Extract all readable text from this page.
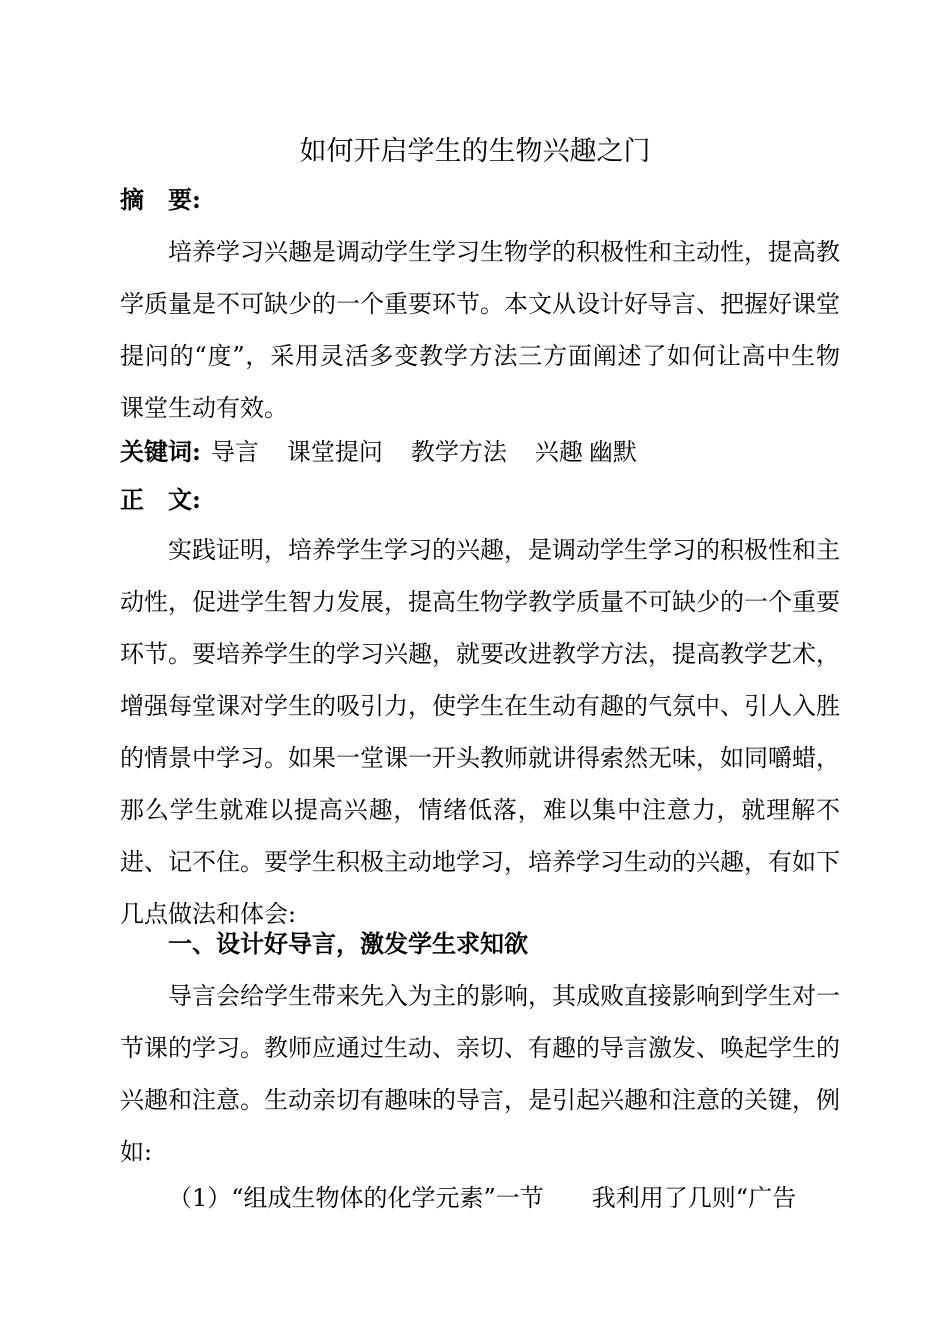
如何开启学生的生物兴趣之门
摘　要:
培养学习兴趣是调动学生学习生物学的积极性和主动性，提高教学质量是不可缺少的一个重要环节。本文从设计好导言、把握好课堂提问的“度”，采用灵活多变教学方法三方面阐述了如何让高中生物课堂生动有效。
关键词: 导言 课堂提问 教学方法 兴趣 幽默
正　文:
实践证明，培养学生学习的兴趣，是调动学生学习的积极性和主动性，促进学生智力发展，提高生物学教学质量不可缺少的一个重要环节。要培养学生的学习兴趣，就要改进教学方法，提高教学艺术，增强每堂课对学生的吸引力，使学生在生动有趣的气氛中、引人入胜的情景中学习。如果一堂课一开头教师就讲得索然无味，如同嚼蜡，那么学生就难以提高兴趣，情绪低落，难以集中注意力，就理解不进、记不住。要学生积极主动地学习，培养学习生动的兴趣，有如下几点做法和体会:
一、设计好导言，激发学生求知欲
导言会给学生带来先入为主的影响，其成败直接影响到学生对一节课的学习。教师应通过生动、亲切、有趣的导言激发、唤起学生的兴趣和注意。生动亲切有趣味的导言，是引起兴趣和注意的关键，例如:
（1）“组成生物体的化学元素”一节　　我利用了几则“广告
